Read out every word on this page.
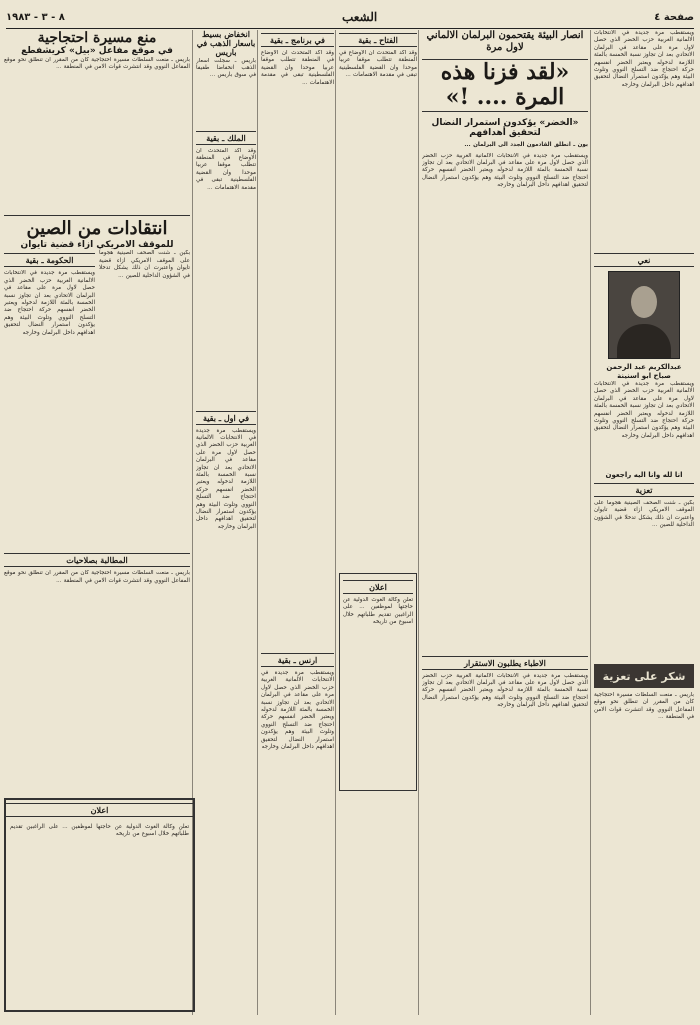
صفحة ٤
الشعب
٨ - ٣ - ١٩٨٣
ويستقطب مرة جديدة في الانتخابات الالمانية الغربية حزب الخضر الذي حصل لاول مرة على مقاعد في البرلمان الاتحادي بعد ان تجاوز نسبة الخمسة بالمئة اللازمة لدخوله ويعتبر الخضر انفسهم حركة احتجاج ضد التسلح النووي وتلوث البيئة وهم يؤكدون استمرار النضال لتحقيق اهدافهم داخل البرلمان وخارجه
نعي
عبدالكريم عبد الرحمن
صباح ابو اسنينة
ويستقطب مرة جديدة في الانتخابات الالمانية الغربية حزب الخضر الذي حصل لاول مرة على مقاعد في البرلمان الاتحادي بعد ان تجاوز نسبة الخمسة بالمئة اللازمة لدخوله ويعتبر الخضر انفسهم حركة احتجاج ضد التسلح النووي وتلوث البيئة وهم يؤكدون استمرار النضال لتحقيق اهدافهم داخل البرلمان وخارجه
انا لله وانا اليه راجعون
تعزية
بكين ـ شنت الصحف الصينية هجوما على الموقف الامريكي ازاء قضية تايوان واعتبرت ان ذلك يشكل تدخلا في الشؤون الداخلية للصين ...
شكر على تعزية
باريس ـ منعت السلطات مسيرة احتجاجية كان من المقرر ان تنطلق نحو موقع المفاعل النووي وقد انتشرت قوات الامن في المنطقة ...
انصار البيئة يقتحمون البرلمان الالماني لاول مرة
«لقد فزنا هذه المرة .... !»
«الخضر» يؤكدون استمرار النضال لتحقيق أهدافهم
بون ـ انطلق القادمون الجدد الى البرلمان ...
ويستقطب مرة جديدة في الانتخابات الالمانية الغربية حزب الخضر الذي حصل لاول مرة على مقاعد في البرلمان الاتحادي بعد ان تجاوز نسبة الخمسة بالمئة اللازمة لدخوله ويعتبر الخضر انفسهم حركة احتجاج ضد التسلح النووي وتلوث البيئة وهم يؤكدون استمرار النضال لتحقيق اهدافهم داخل البرلمان وخارجه
الاطباء يطلبون الاستقرار
ويستقطب مرة جديدة في الانتخابات الالمانية الغربية حزب الخضر الذي حصل لاول مرة على مقاعد في البرلمان الاتحادي بعد ان تجاوز نسبة الخمسة بالمئة اللازمة لدخوله ويعتبر الخضر انفسهم حركة احتجاج ضد التسلح النووي وتلوث البيئة وهم يؤكدون استمرار النضال لتحقيق اهدافهم داخل البرلمان وخارجه
الفتاح ـ بقية
وقد اكد المتحدث ان الاوضاع في المنطقة تتطلب موقفا عربيا موحدا وان القضية الفلسطينية تبقى في مقدمة الاهتمامات ...
اعلان
تعلن وكالة الغوث الدولية عن حاجتها لموظفين ... على الراغبين تقديم طلباتهم خلال اسبوع من تاريخه
في برنامج ـ بقية
وقد اكد المتحدث ان الاوضاع في المنطقة تتطلب موقفا عربيا موحدا وان القضية الفلسطينية تبقى في مقدمة الاهتمامات ...
ارنس ـ بقية
ويستقطب مرة جديدة في الانتخابات الالمانية الغربية حزب الخضر الذي حصل لاول مرة على مقاعد في البرلمان الاتحادي بعد ان تجاوز نسبة الخمسة بالمئة اللازمة لدخوله ويعتبر الخضر انفسهم حركة احتجاج ضد التسلح النووي وتلوث البيئة وهم يؤكدون استمرار النضال لتحقيق اهدافهم داخل البرلمان وخارجه
انخفاض بسيط باسعار الذهب في باريس
باريس ـ سجلت اسعار الذهب انخفاضا طفيفا في سوق باريس ...
الملك ـ بقية
وقد اكد المتحدث ان الاوضاع في المنطقة تتطلب موقفا عربيا موحدا وان القضية الفلسطينية تبقى في مقدمة الاهتمامات ...
في اول ـ بقية
ويستقطب مرة جديدة في الانتخابات الالمانية الغربية حزب الخضر الذي حصل لاول مرة على مقاعد في البرلمان الاتحادي بعد ان تجاوز نسبة الخمسة بالمئة اللازمة لدخوله ويعتبر الخضر انفسهم حركة احتجاج ضد التسلح النووي وتلوث البيئة وهم يؤكدون استمرار النضال لتحقيق اهدافهم داخل البرلمان وخارجه
منع مسيرة احتجاجية
في موقع مفاعل «بيل» كريشفطع
باريس ـ منعت السلطات مسيرة احتجاجية كان من المقرر ان تنطلق نحو موقع المفاعل النووي وقد انتشرت قوات الامن في المنطقة ...
انتقادات من الصين
للموقف الامريكي ازاء قضية تايوان
بكين ـ شنت الصحف الصينية هجوما على الموقف الامريكي ازاء قضية تايوان واعتبرت ان ذلك يشكل تدخلا في الشؤون الداخلية للصين ...
الحكومة ـ بقية
ويستقطب مرة جديدة في الانتخابات الالمانية الغربية حزب الخضر الذي حصل لاول مرة على مقاعد في البرلمان الاتحادي بعد ان تجاوز نسبة الخمسة بالمئة اللازمة لدخوله ويعتبر الخضر انفسهم حركة احتجاج ضد التسلح النووي وتلوث البيئة وهم يؤكدون استمرار النضال لتحقيق اهدافهم داخل البرلمان وخارجه
المطالبة بصلاحيات
باريس ـ منعت السلطات مسيرة احتجاجية كان من المقرر ان تنطلق نحو موقع المفاعل النووي وقد انتشرت قوات الامن في المنطقة ...
اعلان
تعلن وكالة الغوث الدولية عن حاجتها لموظفين ... على الراغبين تقديم طلباتهم خلال اسبوع من تاريخه
